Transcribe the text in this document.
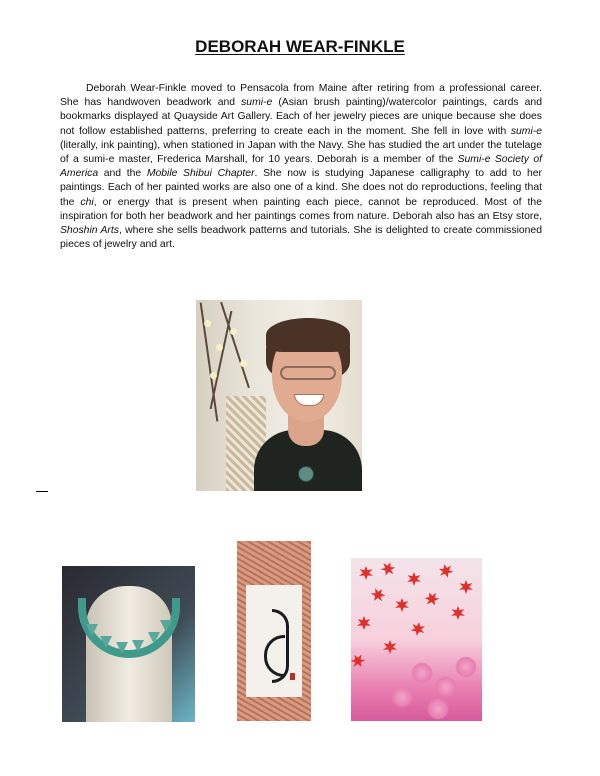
DEBORAH WEAR-FINKLE

Deborah Wear-Finkle moved to Pensacola from Maine after retiring from a professional career. She has handwoven beadwork and sumi-e (Asian brush painting)/watercolor paintings, cards and bookmarks displayed at Quayside Art Gallery. Each of her jewelry pieces are unique because she does not follow established patterns, preferring to create each in the moment. She fell in love with sumi-e (literally, ink painting), when stationed in Japan with the Navy. She has studied the art under the tutelage of a sumi-e master, Frederica Marshall, for 10 years. Deborah is a member of the Sumi-e Society of America and the Mobile Shibui Chapter. She now is studying Japanese calligraphy to add to her paintings. Each of her painted works are also one of a kind. She does not do reproductions, feeling that the chi, or energy that is present when painting each piece, cannot be reproduced. Most of the inspiration for both her beadwork and her paintings comes from nature. Deborah also has an Etsy store, Shoshin Arts, where she sells beadwork patterns and tutorials. She is delighted to create commissioned pieces of jewelry and art.
